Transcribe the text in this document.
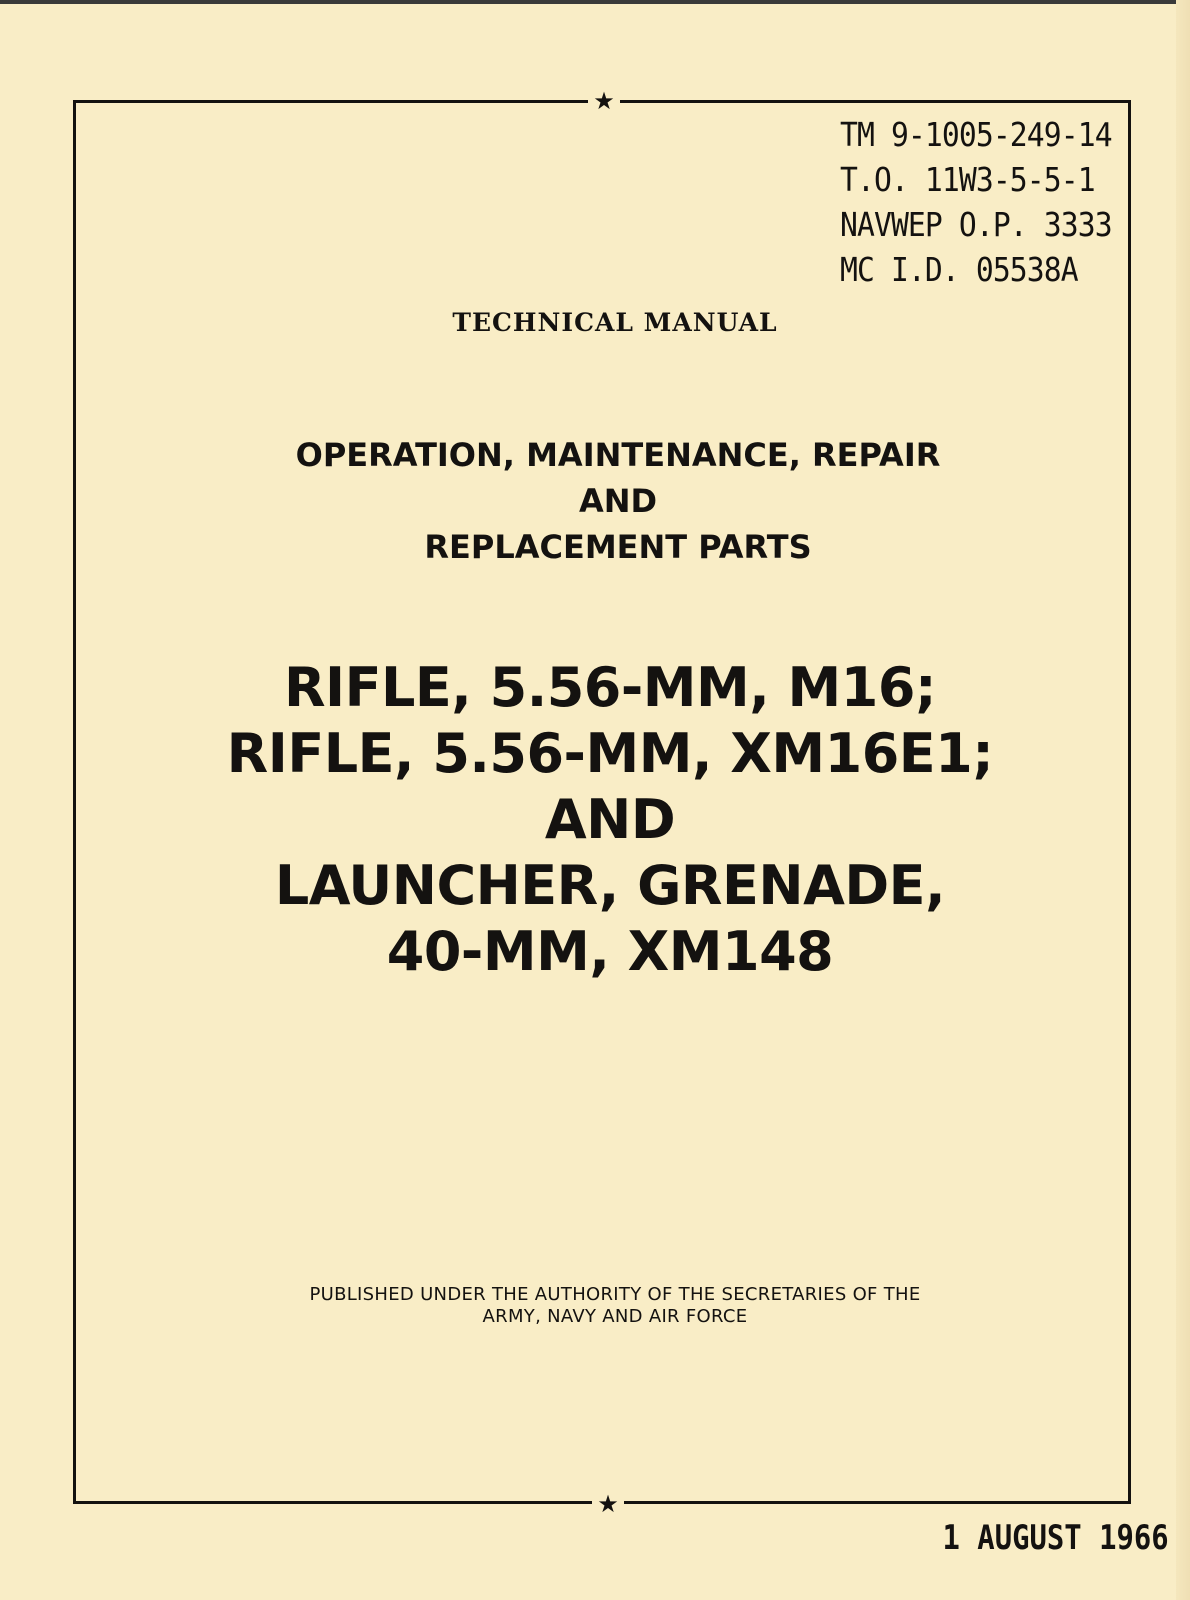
★
★
TM 9-1005-249-14
T.O. 11W3-5-5-1
NAVWEP O.P. 3333
MC I.D. 05538A
TECHNICAL MANUAL
OPERATION, MAINTENANCE, REPAIR
AND
REPLACEMENT PARTS
RIFLE, 5.56-MM, M16;
RIFLE, 5.56-MM, XM16E1;
AND
LAUNCHER, GRENADE,
40-MM, XM148
PUBLISHED UNDER THE AUTHORITY OF THE SECRETARIES OF THE
ARMY, NAVY AND AIR FORCE
1 AUGUST 1966
